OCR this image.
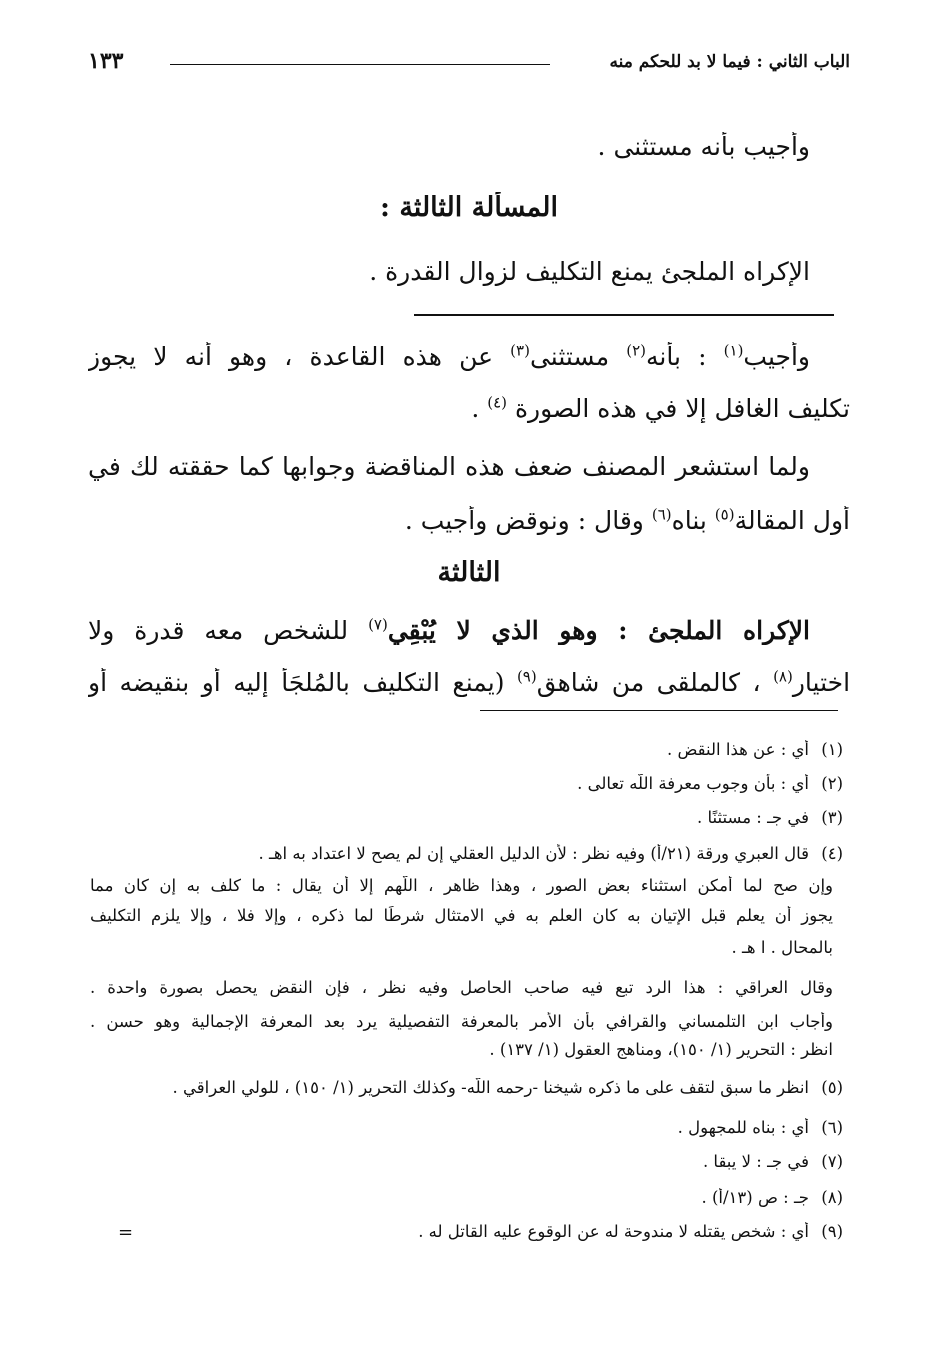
الباب الثاني : فيما لا بد للحكم منه
١٣٣
وأجيب بأنه مستثنى .
المسألة الثالثة :
الإكراه الملجئ يمنع التكليف لزوال القدرة .
وأجيب$^{(١)}$ : بأنه$^{(٢)}$ مستثنى$^{(٣)}$ عن هذه القاعدة ، وهو أنه لا يجوز
تكليف الغافل إلا في هذه الصورة $^{(٤)}$ .
ولما استشعر المصنف ضعف هذه المناقضة وجوابها كما حققته لك في
أول المقالة$^{(٥)}$ بناه$^{(٦)}$ وقال : ونوقض وأجيب .
الثالثة
الإكراه الملجئ : وهو الذي لا يُبْقِي$^{(٧)}$ للشخص معه قدرة ولا
اختيار$^{(٨)}$ ، كالملقى من شاهق$^{(٩)}$ (يمنع التكليف بالمُلجَأ إليه أو بنقيضه أو
(١)أي : عن هذا النقض .
(٢)أي : بأن وجوب معرفة اللّه تعالى .
(٣)في جـ : مستثنًا .
(٤)قال العبري ورقة (٢١/أ) وفيه نظر : لأن الدليل العقلي إن لم يصح لا اعتداد به اهـ .
وإن صح لما أمكن استثناء بعض الصور ، وهذا ظاهر ، اللّهم إلا أن يقال : ما كلف به إن كان مما
يجوز أن يعلم قبل الإتيان به كان العلم به في الامتثال شرطًا لما ذكره ، وإلا فلا ، وإلا يلزم التكليف
بالمحال . ا هـ .
وقال العراقي : هذا الرد تبع فيه صاحب الحاصل وفيه نظر ، فإن النقض يحصل بصورة واحدة .
وأجاب ابن التلمساني والقرافي بأن الأمر بالمعرفة التفصيلية يرد بعد المعرفة الإجمالية وهو حسن .
انظر : التحرير (١/ ١٥٠)، ومناهج العقول (١/ ١٣٧) .
(٥)انظر ما سبق لتقف على ما ذكره شيخنا -رحمه اللّه- وكذلك التحرير (١/ ١٥٠) ، للولي العراقي .
(٦)أي : بناه للمجهول .
(٧)في جـ : لا يبقا .
(٨)جـ : ص (١٣/أ) .
(٩)أي : شخص يقتله لا مندوحة له عن الوقوع عليه القاتل له .
=
